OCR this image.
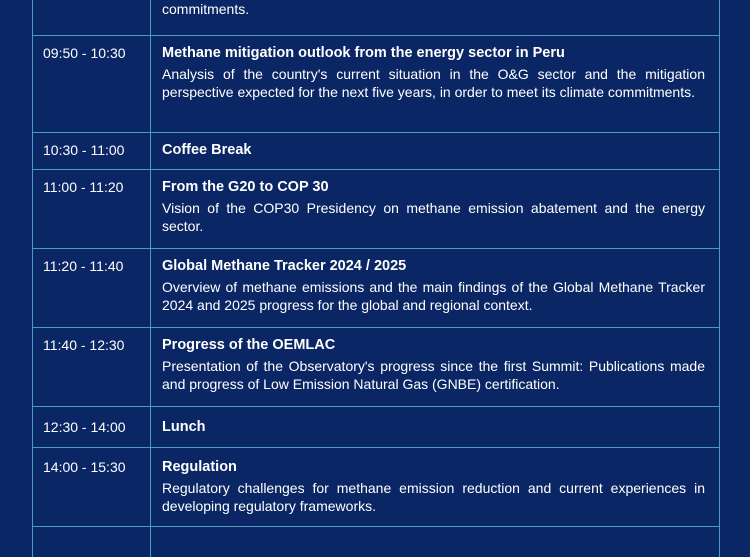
commitments.
09:50 - 10:30	Methane mitigation outlook from the energy sector in Peru
Analysis of the country's current situation in the O&G sector and the mitigation perspective expected for the next five years, in order to meet its climate commitments.
10:30 - 11:00	Coffee Break
11:00 - 11:20	From the G20 to COP 30
Vision of the COP30 Presidency on methane emission abatement and the energy sector.
11:20 - 11:40	Global Methane Tracker 2024 / 2025
Overview of methane emissions and the main findings of the Global Methane Tracker 2024 and 2025 progress for the global and regional context.
11:40 - 12:30	Progress of the OEMLAC
Presentation of the Observatory's progress since the first Summit: Publications made and progress of Low Emission Natural Gas (GNBE) certification.
12:30 - 14:00	Lunch
14:00 - 15:30	Regulation
Regulatory challenges for methane emission reduction and current experiences in developing regulatory frameworks.
